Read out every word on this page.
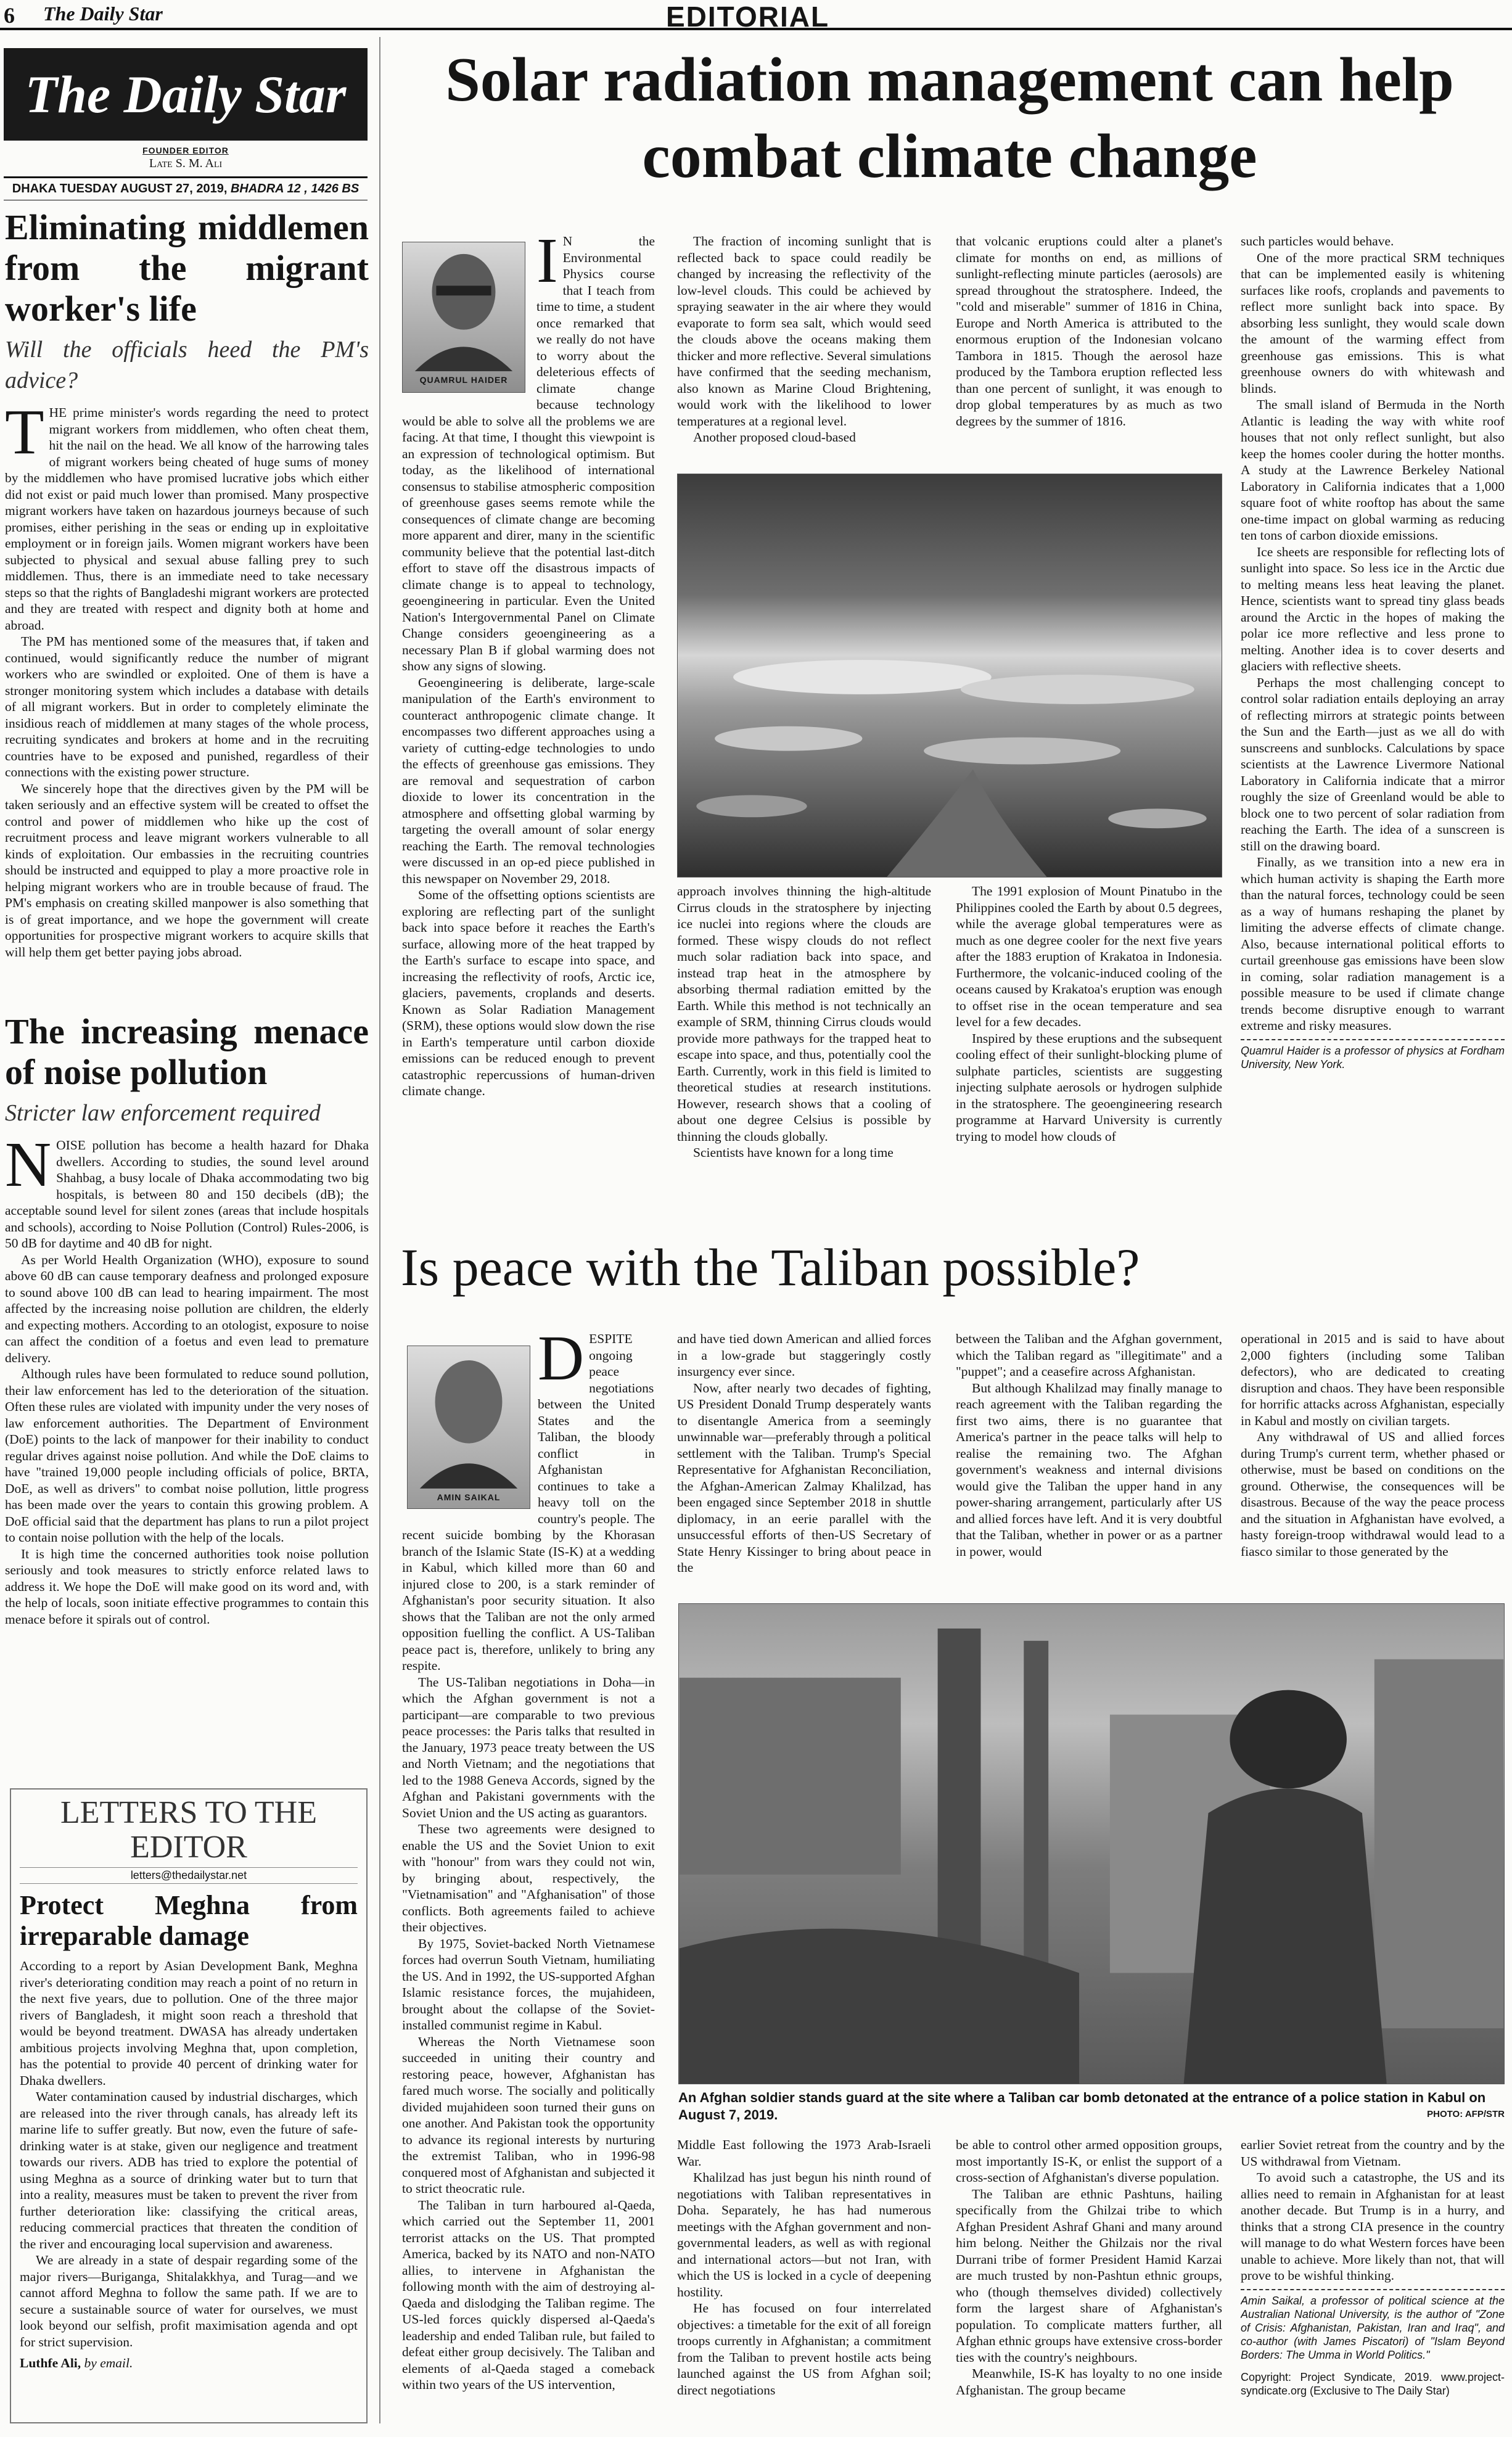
6 The Daily Star	EDITORIAL
The Daily Star
FOUNDER EDITOR
Late S. M. Ali
DHAKA TUESDAY AUGUST 27, 2019, BHADRA 12 , 1426 BS
Eliminating middlemen from the migrant worker's life
Will the officials heed the PM's advice?

THE prime minister's words regarding the need to protect migrant workers from middlemen, who often cheat them, hit the nail on the head. We all know of the harrowing tales of migrant workers being cheated of huge sums of money by the middlemen who have promised lucrative jobs which either did not exist or paid much lower than promised. Many prospective migrant workers have taken on hazardous journeys because of such promises, either perishing in the seas or ending up in exploitative employment or in foreign jails. Women migrant workers have been subjected to physical and sexual abuse falling prey to such middlemen. Thus, there is an immediate need to take necessary steps so that the rights of Bangladeshi migrant workers are protected and they are treated with respect and dignity both at home and abroad.

The PM has mentioned some of the measures that, if taken and continued, would significantly reduce the number of migrant workers who are swindled or exploited. One of them is have a stronger monitoring system which includes a database with details of all migrant workers. But in order to completely eliminate the insidious reach of middlemen at many stages of the whole process, recruiting syndicates and brokers at home and in the recruiting countries have to be exposed and punished, regardless of their connections with the existing power structure.

We sincerely hope that the directives given by the PM will be taken seriously and an effective system will be created to offset the control and power of middlemen who hike up the cost of recruitment process and leave migrant workers vulnerable to all kinds of exploitation. Our embassies in the recruiting countries should be instructed and equipped to play a more proactive role in helping migrant workers who are in trouble because of fraud. The PM's emphasis on creating skilled manpower is also something that is of great importance, and we hope the government will create opportunities for prospective migrant workers to acquire skills that will help them get better paying jobs abroad.

The increasing menace of noise pollution
Stricter law enforcement required

NOISE pollution has become a health hazard for Dhaka dwellers. According to studies, the sound level around Shahbag, a busy locale of Dhaka accommodating two big hospitals, is between 80 and 150 decibels (dB); the acceptable sound level for silent zones (areas that include hospitals and schools), according to Noise Pollution (Control) Rules-2006, is 50 dB for daytime and 40 dB for night.

As per World Health Organization (WHO), exposure to sound above 60 dB can cause temporary deafness and prolonged exposure to sound above 100 dB can lead to hearing impairment. The most affected by the increasing noise pollution are children, the elderly and expecting mothers. According to an otologist, exposure to noise can affect the condition of a foetus and even lead to premature delivery.

Although rules have been formulated to reduce sound pollution, their law enforcement has led to the deterioration of the situation. Often these rules are violated with impunity under the very noses of law enforcement authorities. The Department of Environment (DoE) points to the lack of manpower for their inability to conduct regular drives against noise pollution. And while the DoE claims to have "trained 19,000 people including officials of police, BRTA, DoE, as well as drivers" to combat noise pollution, little progress has been made over the years to contain this growing problem. A DoE official said that the department has plans to run a pilot project to contain noise pollution with the help of the locals.

It is high time the concerned authorities took noise pollution seriously and took measures to strictly enforce related laws to address it. We hope the DoE will make good on its word and, with the help of locals, soon initiate effective programmes to contain this menace before it spirals out of control.

LETTERS TO THE EDITOR
letters@thedailystar.net
Protect Meghna from irreparable damage

According to a report by Asian Development Bank, Meghna river's deteriorating condition may reach a point of no return in the next five years, due to pollution. One of the three major rivers of Bangladesh, it might soon reach a threshold that would be beyond treatment. DWASA has already undertaken ambitious projects involving Meghna that, upon completion, has the potential to provide 40 percent of drinking water for Dhaka dwellers.

Water contamination caused by industrial discharges, which are released into the river through canals, has already left its marine life to suffer greatly. But now, even the future of safe-drinking water is at stake, given our negligence and treatment towards our rivers. ADB has tried to explore the potential of using Meghna as a source of drinking water but to turn that into a reality, measures must be taken to prevent the river from further deterioration like: classifying the critical areas, reducing commercial practices that threaten the condition of the river and encouraging local supervision and awareness.

We are already in a state of despair regarding some of the major rivers—Buriganga, Shitalakkhya, and Turag—and we cannot afford Meghna to follow the same path. If we are to secure a sustainable source of water for ourselves, we must look beyond our selfish, profit maximisation agenda and opt for strict supervision.

Luthfe Ali, by email.

Solar radiation management can help combat climate change
QUAMRUL HAIDER

I N the Environmental Physics course that I teach from time to time, a student once remarked that we really do not have to worry about the deleterious effects of climate change because technology would be able to solve all the problems we are facing. At that time, I thought this viewpoint is an expression of technological optimism. But today, as the likelihood of international consensus to stabilise atmospheric composition of greenhouse gases seems remote while the consequences of climate change are becoming more apparent and direr, many in the scientific community believe that the potential last-ditch effort to stave off the disastrous impacts of climate change is to appeal to technology, geoengineering in particular. Even the United Nation's Intergovernmental Panel on Climate Change considers geoengineering as a necessary Plan B if global warming does not show any signs of slowing.

Geoengineering is deliberate, large-scale manipulation of the Earth's environment to counteract anthropogenic climate change. It encompasses two different approaches using a variety of cutting-edge technologies to undo the effects of greenhouse gas emissions. They are removal and sequestration of carbon dioxide to lower its concentration in the atmosphere and offsetting global warming by targeting the overall amount of solar energy reaching the Earth. The removal technologies were discussed in an op-ed piece published in this newspaper on November 29, 2018.

Some of the offsetting options scientists are exploring are reflecting part of the sunlight back into space before it reaches the Earth's surface, allowing more of the heat trapped by the Earth's surface to escape into space, and increasing the reflectivity of roofs, Arctic ice, glaciers, pavements, croplands and deserts. Known as Solar Radiation Management (SRM), these options would slow down the rise in Earth's temperature until carbon dioxide emissions can be reduced enough to prevent catastrophic repercussions of human-driven climate change.

The fraction of incoming sunlight that is reflected back to space could readily be changed by increasing the reflectivity of the low-level clouds. This could be achieved by spraying seawater in the air where they would evaporate to form sea salt, which would seed the clouds above the oceans making them thicker and more reflective. Several simulations have confirmed that the seeding mechanism, also known as Marine Cloud Brightening, would work with the likelihood to lower temperatures at a regional level.

Another proposed cloud-based

that volcanic eruptions could alter a planet's climate for months on end, as millions of sunlight-reflecting minute particles (aerosols) are spread throughout the stratosphere. Indeed, the "cold and miserable" summer of 1816 in China, Europe and North America is attributed to the enormous eruption of the Indonesian volcano Tambora in 1815. Though the aerosol haze produced by the Tambora eruption reflected less than one percent of sunlight, it was enough to drop global temperatures by as much as two degrees by the summer of 1816.

approach involves thinning the high-altitude Cirrus clouds in the stratosphere by injecting ice nuclei into regions where the clouds are formed. These wispy clouds do not reflect much solar radiation back into space, and instead trap heat in the atmosphere by absorbing thermal radiation emitted by the Earth. While this method is not technically an example of SRM, thinning Cirrus clouds would provide more pathways for the trapped heat to escape into space, and thus, potentially cool the Earth. Currently, work in this field is limited to theoretical studies at research institutions. However, research shows that a cooling of about one degree Celsius is possible by thinning the clouds globally.

Scientists have known for a long time

The 1991 explosion of Mount Pinatubo in the Philippines cooled the Earth by about 0.5 degrees, while the average global temperatures were as much as one degree cooler for the next five years after the 1883 eruption of Krakatoa in Indonesia. Furthermore, the volcanic-induced cooling of the oceans caused by Krakatoa's eruption was enough to offset rise in the ocean temperature and sea level for a few decades.

Inspired by these eruptions and the subsequent cooling effect of their sunlight-blocking plume of sulphate particles, scientists are suggesting injecting sulphate aerosols or hydrogen sulphide in the stratosphere. The geoengineering research programme at Harvard University is currently trying to model how clouds of

such particles would behave.

One of the more practical SRM techniques that can be implemented easily is whitening surfaces like roofs, croplands and pavements to reflect more sunlight back into space. By absorbing less sunlight, they would scale down the amount of the warming effect from greenhouse gas emissions. This is what greenhouse owners do with whitewash and blinds.

The small island of Bermuda in the North Atlantic is leading the way with white roof houses that not only reflect sunlight, but also keep the homes cooler during the hotter months. A study at the Lawrence Berkeley National Laboratory in California indicates that a 1,000 square foot of white rooftop has about the same one-time impact on global warming as reducing ten tons of carbon dioxide emissions.

Ice sheets are responsible for reflecting lots of sunlight into space. So less ice in the Arctic due to melting means less heat leaving the planet. Hence, scientists want to spread tiny glass beads around the Arctic in the hopes of making the polar ice more reflective and less prone to melting. Another idea is to cover deserts and glaciers with reflective sheets.

Perhaps the most challenging concept to control solar radiation entails deploying an array of reflecting mirrors at strategic points between the Sun and the Earth—just as we all do with sunscreens and sunblocks. Calculations by space scientists at the Lawrence Livermore National Laboratory in California indicate that a mirror roughly the size of Greenland would be able to block one to two percent of solar radiation from reaching the Earth. The idea of a sunscreen is still on the drawing board.

Finally, as we transition into a new era in which human activity is shaping the Earth more than the natural forces, technology could be seen as a way of humans reshaping the planet by limiting the adverse effects of climate change. Also, because international political efforts to curtail greenhouse gas emissions have been slow in coming, solar radiation management is a possible measure to be used if climate change trends become disruptive enough to warrant extreme and risky measures.

Quamrul Haider is a professor of physics at Fordham University, New York.
Is peace with the Taliban possible?
AMIN SAIKAL

DESPITE ongoing peace negotiations between the United States and the Taliban, the bloody conflict in Afghanistan continues to take a heavy toll on the country's people. The recent suicide bombing by the Khorasan branch of the Islamic State (IS-K) at a wedding in Kabul, which killed more than 60 and injured close to 200, is a stark reminder of Afghanistan's poor security situation. It also shows that the Taliban are not the only armed opposition fuelling the conflict. A US-Taliban peace pact is, therefore, unlikely to bring any respite.

The US-Taliban negotiations in Doha—in which the Afghan government is not a participant—are comparable to two previous peace processes: the Paris talks that resulted in the January, 1973 peace treaty between the US and North Vietnam; and the negotiations that led to the 1988 Geneva Accords, signed by the Afghan and Pakistani governments with the Soviet Union and the US acting as guarantors.

These two agreements were designed to enable the US and the Soviet Union to exit with "honour" from wars they could not win, by bringing about, respectively, the "Vietnamisation" and "Afghanisation" of those conflicts. Both agreements failed to achieve their objectives.

By 1975, Soviet-backed North Vietnamese forces had overrun South Vietnam, humiliating the US. And in 1992, the US-supported Afghan Islamic resistance forces, the mujahideen, brought about the collapse of the Soviet-installed communist regime in Kabul.

Whereas the North Vietnamese soon succeeded in uniting their country and restoring peace, however, Afghanistan has fared much worse. The socially and politically divided mujahideen soon turned their guns on one another. And Pakistan took the opportunity to advance its regional interests by nurturing the extremist Taliban, who in 1996-98 conquered most of Afghanistan and subjected it to strict theocratic rule.

The Taliban in turn harboured al-Qaeda, which carried out the September 11, 2001 terrorist attacks on the US. That prompted America, backed by its NATO and non-NATO allies, to intervene in Afghanistan the following month with the aim of destroying al-Qaeda and dislodging the Taliban regime. The US-led forces quickly dispersed al-Qaeda's leadership and ended Taliban rule, but failed to defeat either group decisively. The Taliban and elements of al-Qaeda staged a comeback within two years of the US intervention,

and have tied down American and allied forces in a low-grade but staggeringly costly insurgency ever since.

Now, after nearly two decades of fighting, US President Donald Trump desperately wants to disentangle America from a seemingly unwinnable war—preferably through a political settlement with the Taliban. Trump's Special Representative for Afghanistan Reconciliation, the Afghan-American Zalmay Khalilzad, has been engaged since September 2018 in shuttle diplomacy, in an eerie parallel with the unsuccessful efforts of then-US Secretary of State Henry Kissinger to bring about peace in the

between the Taliban and the Afghan government, which the Taliban regard as "illegitimate" and a "puppet"; and a ceasefire across Afghanistan.

But although Khalilzad may finally manage to reach agreement with the Taliban regarding the first two aims, there is no guarantee that America's partner in the peace talks will help to realise the remaining two. The Afghan government's weakness and internal divisions would give the Taliban the upper hand in any power-sharing arrangement, particularly after US and allied forces have left. And it is very doubtful that the Taliban, whether in power or as a partner in power, would

operational in 2015 and is said to have about 2,000 fighters (including some Taliban defectors), who are dedicated to creating disruption and chaos. They have been responsible for horrific attacks across Afghanistan, especially in Kabul and mostly on civilian targets.

Any withdrawal of US and allied forces during Trump's current term, whether phased or otherwise, must be based on conditions on the ground. Otherwise, the consequences will be disastrous. Because of the way the peace process and the situation in Afghanistan have evolved, a hasty foreign-troop withdrawal would lead to a fiasco similar to those generated by the

An Afghan soldier stands guard at the site where a Taliban car bomb detonated at the entrance of a police station in Kabul on August 7, 2019.	PHOTO: AFP/STR

Middle East following the 1973 Arab-Israeli War.

Khalilzad has just begun his ninth round of negotiations with Taliban representatives in Doha. Separately, he has had numerous meetings with the Afghan government and non-governmental leaders, as well as with regional and international actors—but not Iran, with which the US is locked in a cycle of deepening hostility.

He has focused on four interrelated objectives: a timetable for the exit of all foreign troops currently in Afghanistan; a commitment from the Taliban to prevent hostile acts being launched against the US from Afghan soil; direct negotiations

be able to control other armed opposition groups, most importantly IS-K, or enlist the support of a cross-section of Afghanistan's diverse population.

The Taliban are ethnic Pashtuns, hailing specifically from the Ghilzai tribe to which Afghan President Ashraf Ghani and many around him belong. Neither the Ghilzais nor the rival Durrani tribe of former President Hamid Karzai are much trusted by non-Pashtun ethnic groups, who (though themselves divided) collectively form the largest share of Afghanistan's population. To complicate matters further, all Afghan ethnic groups have extensive cross-border ties with the country's neighbours.

Meanwhile, IS-K has loyalty to no one inside Afghanistan. The group became

earlier Soviet retreat from the country and by the US withdrawal from Vietnam.

To avoid such a catastrophe, the US and its allies need to remain in Afghanistan for at least another decade. But Trump is in a hurry, and thinks that a strong CIA presence in the country will manage to do what Western forces have been unable to achieve. More likely than not, that will prove to be wishful thinking.

Amin Saikal, a professor of political science at the Australian National University, is the author of "Zone of Crisis: Afghanistan, Pakistan, Iran and Iraq", and co-author (with James Piscatori) of "Islam Beyond Borders: The Umma in World Politics."
Copyright: Project Syndicate, 2019. www.project-syndicate.org (Exclusive to The Daily Star)
